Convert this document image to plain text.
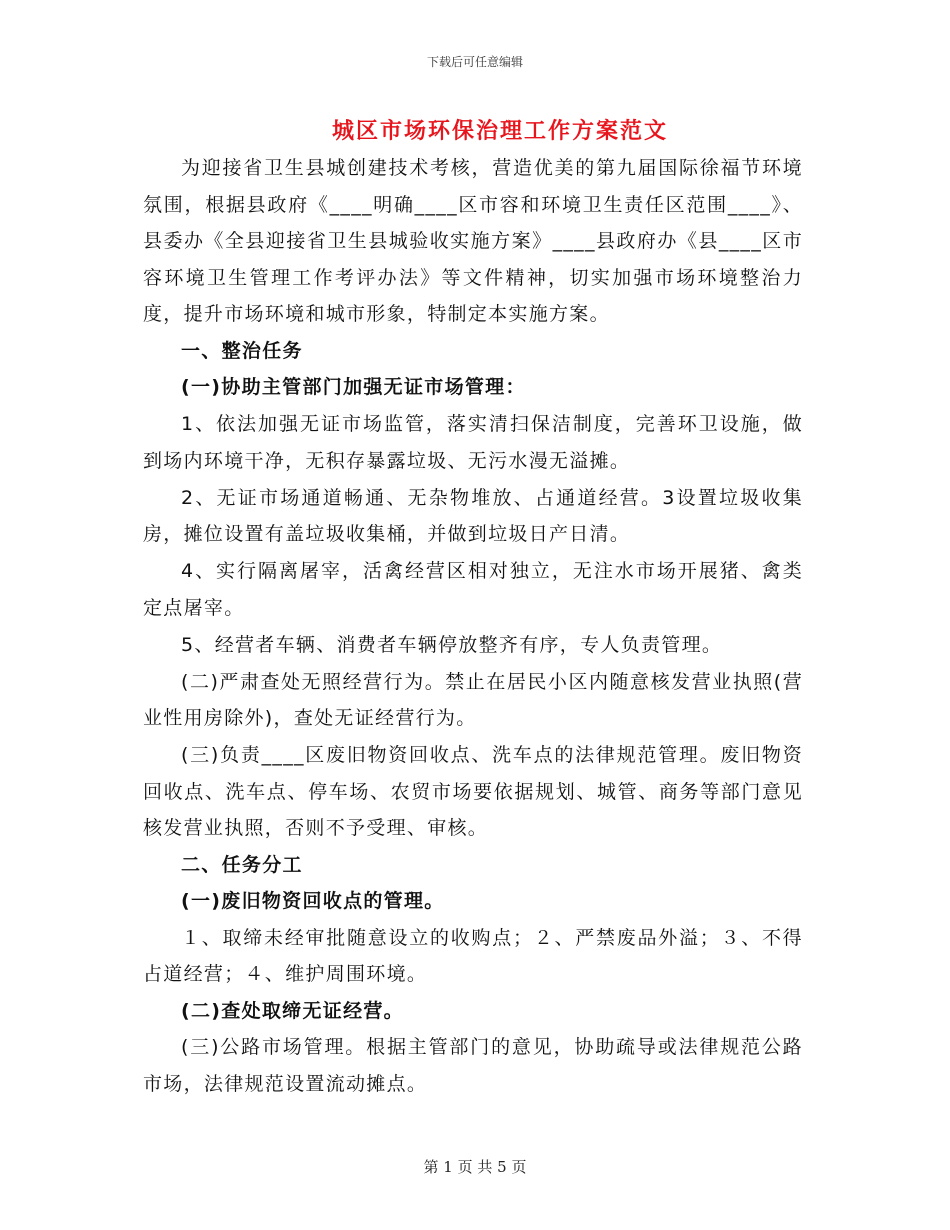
下载后可任意编辑
城区市场环保治理工作方案范文

为迎接省卫生县城创建技术考核，营造优美的第九届国际徐福节环境氛围，根据县政府《____明确____区市容和环境卫生责任区范围____》、县委办《全县迎接省卫生县城验收实施方案》____县政府办《县____区市容环境卫生管理工作考评办法》等文件精神，切实加强市场环境整治力度，提升市场环境和城市形象，特制定本实施方案。

一、整治任务

(一)协助主管部门加强无证市场管理：

1、依法加强无证市场监管，落实清扫保洁制度，完善环卫设施，做到场内环境干净，无积存暴露垃圾、无污水漫无溢摊。

2、无证市场通道畅通、无杂物堆放、占通道经营。3设置垃圾收集房，摊位设置有盖垃圾收集桶，并做到垃圾日产日清。

4、实行隔离屠宰，活禽经营区相对独立，无注水市场开展猪、禽类定点屠宰。

5、经营者车辆、消费者车辆停放整齐有序，专人负责管理。

(二)严肃查处无照经营行为。禁止在居民小区内随意核发营业执照(营业性用房除外)，查处无证经营行为。

(三)负责____区废旧物资回收点、洗车点的法律规范管理。废旧物资回收点、洗车点、停车场、农贸市场要依据规划、城管、商务等部门意见核发营业执照，否则不予受理、审核。

二、任务分工

(一)废旧物资回收点的管理。

１、取缔未经审批随意设立的收购点；２、严禁废品外溢；３、不得占道经营；４、维护周围环境。

(二)查处取缔无证经营。

(三)公路市场管理。根据主管部门的意见，协助疏导或法律规范公路市场，法律规范设置流动摊点。

第 1 页 共 5 页
